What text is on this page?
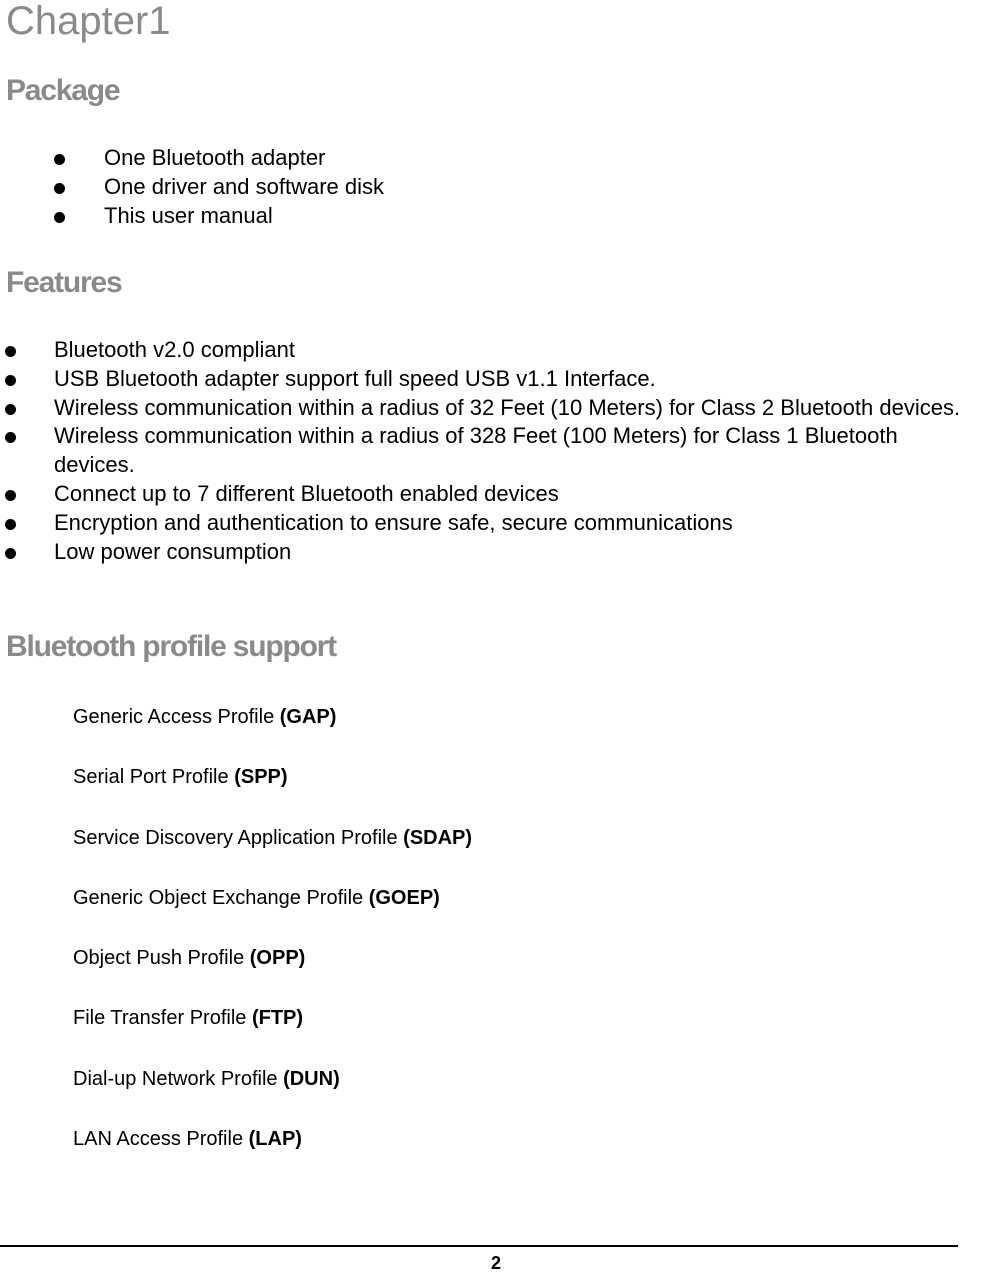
Chapter1
Package
One Bluetooth adapter
One driver and software disk
This user manual
Features
Bluetooth v2.0 compliant
USB Bluetooth adapter support full speed USB v1.1 Interface.
Wireless communication within a radius of 32 Feet (10 Meters) for Class 2 Bluetooth devices.
Wireless communication within a radius of 328 Feet (100 Meters) for Class 1 Bluetooth devices.
Connect up to 7 different Bluetooth enabled devices
Encryption and authentication to ensure safe, secure communications
Low power consumption
Bluetooth profile support
Generic Access Profile (GAP)
Serial Port Profile (SPP)
Service Discovery Application Profile (SDAP)
Generic Object Exchange Profile (GOEP)
Object Push Profile (OPP)
File Transfer Profile (FTP)
Dial-up Network Profile (DUN)
LAN Access Profile (LAP)
2
